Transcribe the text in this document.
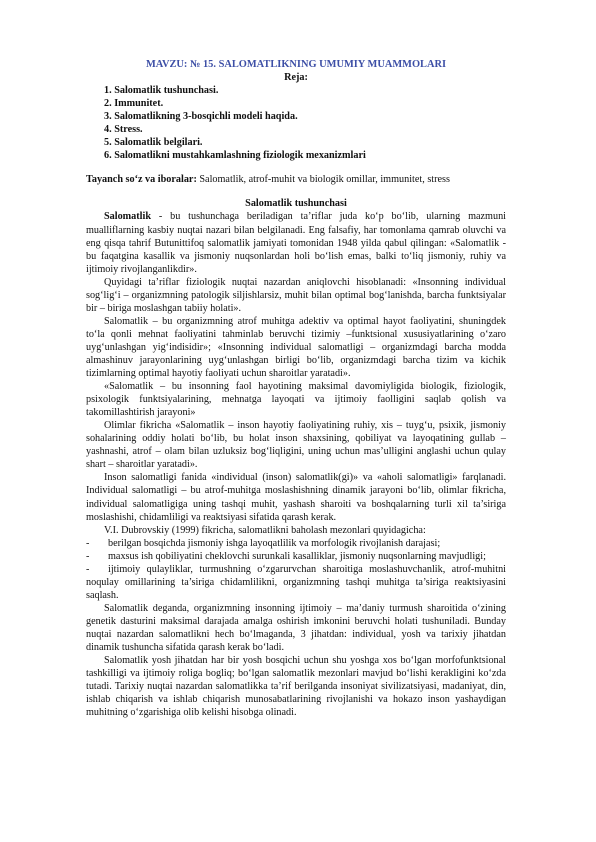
MAVZU: № 15. SALOMATLIKNING UMUMIY MUAMMOLARI
Reja:
1. Salomatlik tushunchasi.
2. Immunitet.
3. Salomatlikning 3-bosqichli modeli haqida.
4. Stress.
5. Salomatlik belgilari.
6. Salomatlikni mustahkamlashning fiziologik mexanizmlari
Tayanch so‘z va iboralar: Salomatlik, atrof-muhit va biologik omillar, immunitet, stress
Salomatlik tushunchasi

Salomatlik - bu tushunchaga beriladigan ta’riflar juda ko‘p bo‘lib, ularning mazmuni mualliflarning kasbiy nuqtai nazari bilan belgilanadi. Eng falsafiy, har tomonlama qamrab oluvchi va eng qisqa tahrif Butunittifoq salomatlik jamiyati tomonidan 1948 yilda qabul qilingan: «Salomatlik - bu faqatgina kasallik va jismoniy nuqsonlardan holi bo‘lish emas, balki to‘liq jismoniy, ruhiy va ijtimoiy rivojlanganlikdir».

Quyidagi ta’riflar fiziologik nuqtai nazardan aniqlovchi hisoblanadi: «Insonning individual sog‘lig‘i – organizmning patologik siljishlarsiz, muhit bilan optimal bog‘lanishda, barcha funktsiyalar bir – biriga moslashgan tabiiy holati».

Salomatlik – bu organizmning atrof muhitga adektiv va optimal hayot faoliyatini, shuningdek to‘la qonli mehnat faoliyatini tahminlab beruvchi tizimiy –funktsional xususiyatlarining o‘zaro uyg‘unlashgan yig‘indisidir»; «Insonning individual salomatligi – organizmdagi barcha modda almashinuv jarayonlarining uyg‘unlashgan birligi bo‘lib, organizmdagi barcha tizim va kichik tizimlarning optimal hayotiy faoliyati uchun sharoitlar yaratadi».

«Salomatlik – bu insonning faol hayotining maksimal davomiyligida biologik, fiziologik, psixologik funktsiyalarining, mehnatga layoqati va ijtimoiy faolligini saqlab qolish va takomillashtirish jarayoni»

Olimlar fikricha «Salomatlik – inson hayotiy faoliyatining ruhiy, xis – tuyg‘u, psixik, jismoniy sohalarining oddiy holati bo‘lib, bu holat inson shaxsining, qobiliyat va layoqatining gullab – yashnashi, atrof – olam bilan uzluksiz bog‘liqligini, uning uchun mas’ulligini anglashi uchun qulay shart – sharoitlar yaratadi».

Inson salomatligi fanida «individual (inson) salomatlik(gi)» va «aholi salomatligi» farqlanadi. Individual salomatligi – bu atrof-muhitga moslashishning dinamik jarayoni bo‘lib, olimlar fikricha, individual salomatligiga uning tashqi muhit, yashash sharoiti va boshqalarning turli xil ta’siriga moslashishi, chidamliligi va reaktsiyasi sifatida qarash kerak.

V.I. Dubrovskiy (1999) fikricha, salomatlikni baholash mezonlari quyidagicha:

- berilgan bosqichda jismoniy ishga layoqatlilik va morfologik rivojlanish darajasi;

- maxsus ish qobiliyatini cheklovchi surunkali kasalliklar, jismoniy nuqsonlarning mavjudligi;

- ijtimoiy qulayliklar, turmushning o‘zgarurvchan sharoitiga moslashuvchanlik, atrof-muhitni noqulay omillarining ta’siriga chidamlilikni, organizmning tashqi muhitga ta’siriga reaktsiyasini saqlash.

Salomatlik deganda, organizmning insonning ijtimoiy – ma’daniy turmush sharoitida o‘zining genetik dasturini maksimal darajada amalga oshirish imkonini beruvchi holati tushuniladi. Bunday nuqtai nazardan salomatlikni hech bo‘lmaganda, 3 jihatdan: individual, yosh va tarixiy jihatdan dinamik tushuncha sifatida qarash kerak bo‘ladi.

Salomatlik yosh jihatdan har bir yosh bosqichi uchun shu yoshga xos bo‘lgan morfofunktsional tashkilligi va ijtimoiy roliga bogliq; bo‘lgan salomatlik mezonlari mavjud bo‘lishi kerakligini ko‘zda tutadi. Tarixiy nuqtai nazardan salomatlikka ta’rif berilganda insoniyat sivilizatsiyasi, madaniyat, din, ishlab chiqarish va ishlab chiqarish munosabatlarining rivojlanishi va hokazo inson yashaydigan muhitning o‘zgarishiga olib kelishi hisobga olinadi.
